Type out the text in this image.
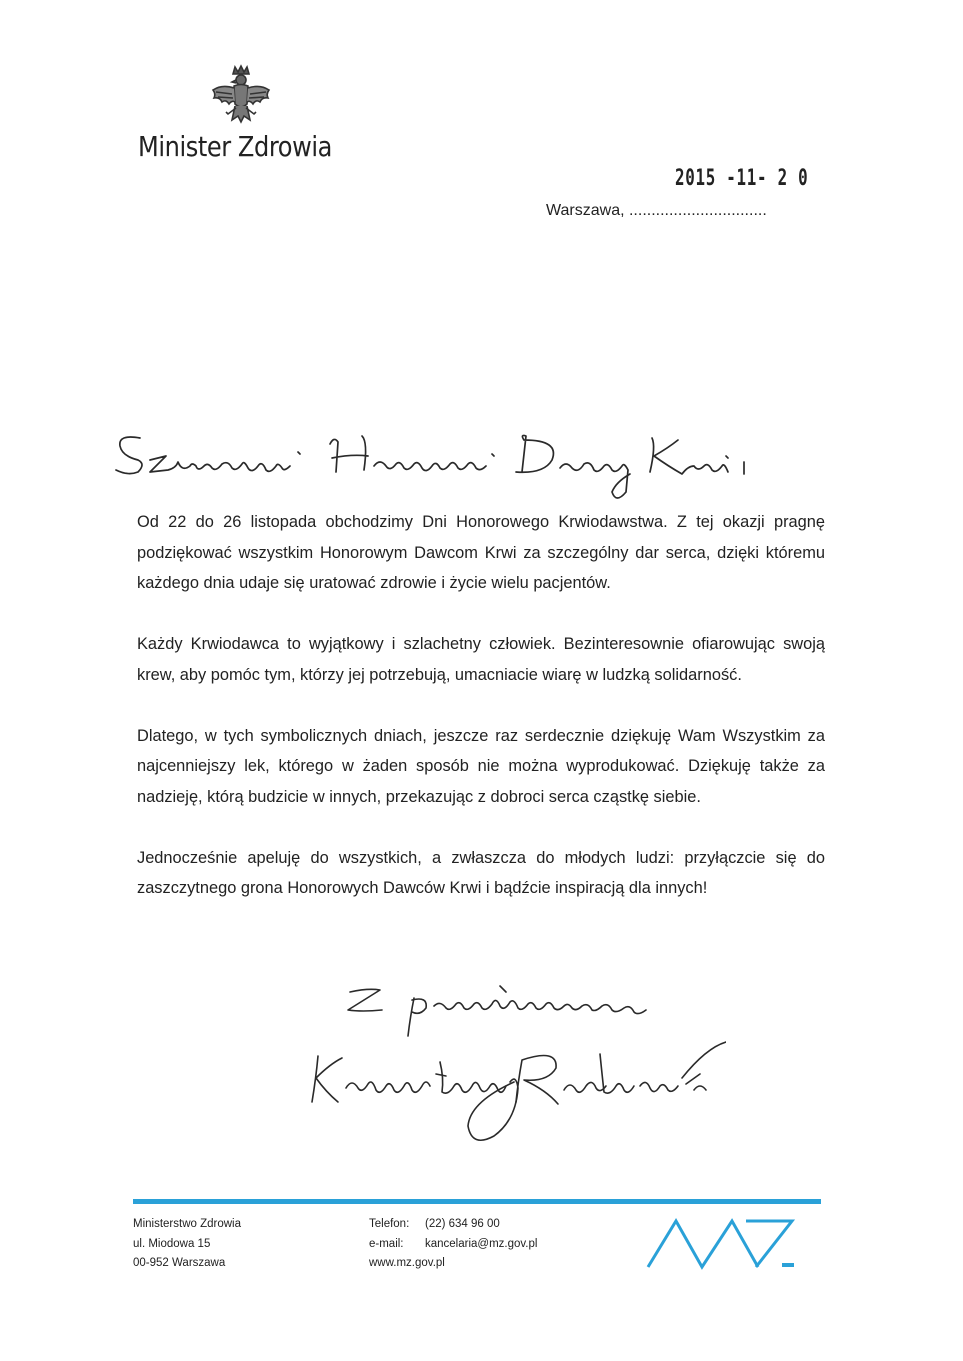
Minister Zdrowia
2015 -11- 2 0
Warszawa, ...............................

Od 22 do 26 listopada obchodzimy Dni Honorowego Krwiodawstwa. Z tej okazji pragnę podziękować wszystkim Honorowym Dawcom Krwi za szczególny dar serca, dzięki któremu każdego dnia udaje się uratować zdrowie i życie wielu pacjentów.

Każdy Krwiodawca to wyjątkowy i szlachetny człowiek. Bezinteresownie ofiarowując swoją krew, aby pomóc tym, którzy jej potrzebują, umacniacie wiarę w ludzką solidarność.

Dlatego, w tych symbolicznych dniach, jeszcze raz serdecznie dziękuję Wam Wszystkim za najcenniejszy lek, którego w żaden sposób nie można wyprodukować. Dziękuję także za nadzieję, którą budzicie w innych, przekazując z dobroci serca cząstkę siebie.

Jednocześnie apeluję do wszystkich, a zwłaszcza do młodych ludzi: przyłączcie się do zaszczytnego grona Honorowych Dawców Krwi i bądźcie inspiracją dla innych!

Ministerstwo Zdrowia
ul. Miodowa 15
00-952 Warszawa
Telefon: (22) 634 96 00
e-mail: kancelaria@mz.gov.pl
www.mz.gov.pl
